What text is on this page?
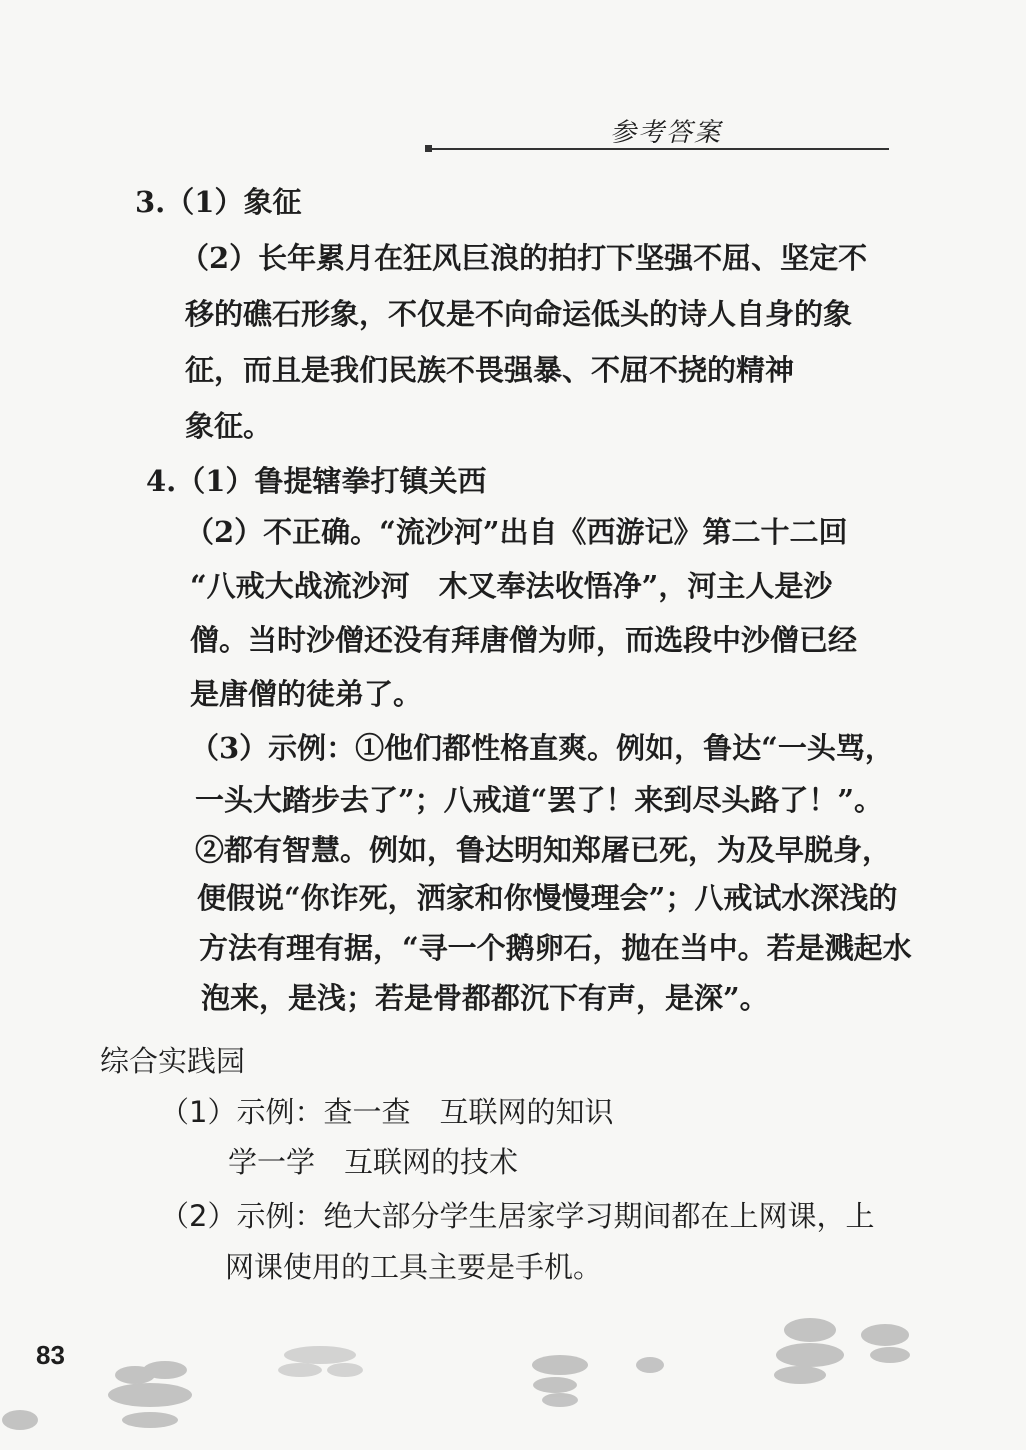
参考答案
3.（1）象征
（2）长年累月在狂风巨浪的拍打下坚强不屈、坚定不
移的礁石形象，不仅是不向命运低头的诗人自身的象
征，而且是我们民族不畏强暴、不屈不挠的精神
象征。
4.（1）鲁提辖拳打镇关西
（2）不正确。“流沙河”出自《西游记》第二十二回
“八戒大战流沙河　木叉奉法收悟净”，河主人是沙
僧。当时沙僧还没有拜唐僧为师，而选段中沙僧已经
是唐僧的徒弟了。
（3）示例：①他们都性格直爽。例如，鲁达“一头骂，
一头大踏步去了”；八戒道“罢了！来到尽头路了！”。
②都有智慧。例如，鲁达明知郑屠已死，为及早脱身，
便假说“你诈死，洒家和你慢慢理会”；八戒试水深浅的
方法有理有据，“寻一个鹅卵石，抛在当中。若是溅起水
泡来，是浅；若是骨都都沉下有声，是深”。
综合实践园
（1）示例：查一查　互联网的知识
学一学　互联网的技术
（2）示例：绝大部分学生居家学习期间都在上网课，上
网课使用的工具主要是手机。
83
